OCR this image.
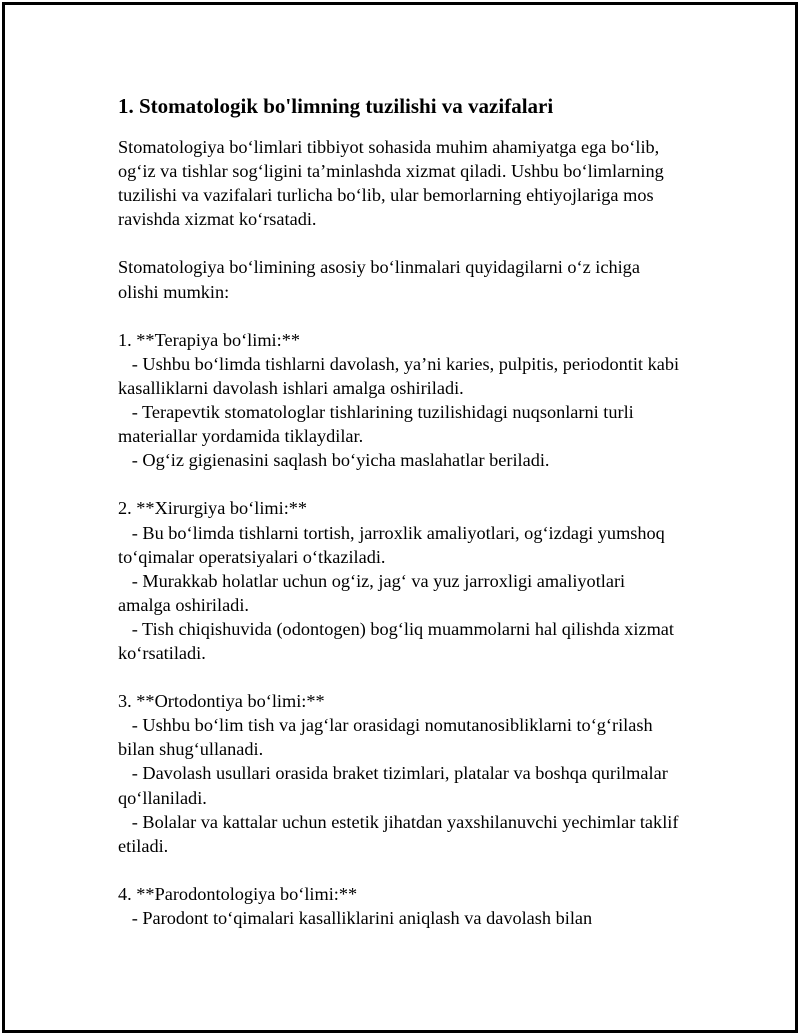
1. Stomatologik bo'limning tuzilishi va vazifalari
Stomatologiya bo‘limlari tibbiyot sohasida muhim ahamiyatga ega bo‘lib,
og‘iz va tishlar sog‘ligini ta’minlashda xizmat qiladi. Ushbu bo‘limlarning
tuzilishi va vazifalari turlicha bo‘lib, ular bemorlarning ehtiyojlariga mos
ravishda xizmat ko‘rsatadi.
Stomatologiya bo‘limining asosiy bo‘linmalari quyidagilarni o‘z ichiga
olishi mumkin:
1. **Terapiya bo‘limi:**
- Ushbu bo‘limda tishlarni davolash, ya’ni karies, pulpitis, periodontit kabi
kasalliklarni davolash ishlari amalga oshiriladi.
- Terapevtik stomatologlar tishlarining tuzilishidagi nuqsonlarni turli
materiallar yordamida tiklaydilar.
- Og‘iz gigienasini saqlash bo‘yicha maslahatlar beriladi.
2. **Xirurgiya bo‘limi:**
- Bu bo‘limda tishlarni tortish, jarroxlik amaliyotlari, og‘izdagi yumshoq
to‘qimalar operatsiyalari o‘tkaziladi.
- Murakkab holatlar uchun og‘iz, jag‘ va yuz jarroxligi amaliyotlari
amalga oshiriladi.
- Tish chiqishuvida (odontogen) bog‘liq muammolarni hal qilishda xizmat
ko‘rsatiladi.
3. **Ortodontiya bo‘limi:**
- Ushbu bo‘lim tish va jag‘lar orasidagi nomutanosibliklarni to‘g‘rilash
bilan shug‘ullanadi.
- Davolash usullari orasida braket tizimlari, platalar va boshqa qurilmalar
qo‘llaniladi.
- Bolalar va kattalar uchun estetik jihatdan yaxshilanuvchi yechimlar taklif
etiladi.
4. **Parodontologiya bo‘limi:**
- Parodont to‘qimalari kasalliklarini aniqlash va davolash bilan
